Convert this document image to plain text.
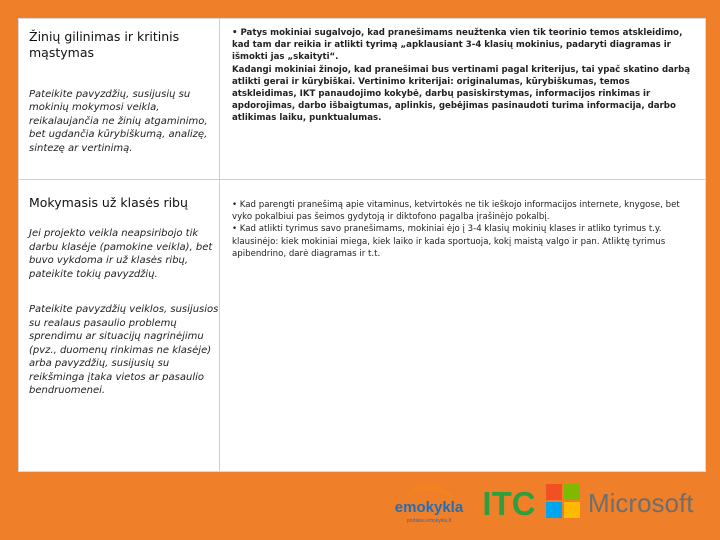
Žinių gilinimas ir kritinis mąstymas

Pateikite pavyzdžių, susijusių su mokinių mokymosi veikla, reikalaujančia ne žinių atgaminimo, bet ugdančia kūrybiškumą, analizę, sintezę ar vertinimą.

• Patys mokiniai sugalvojo, kad pranešimams neužtenka vien tik teorinio temos atskleidimo, kad tam dar reikia ir atlikti tyrimą „apklausiant 3-4 klasių mokinius, padaryti diagramas ir išmokti jas „skaityti“.
Kadangi mokiniai žinojo, kad pranešimai bus vertinami pagal kriterijus, tai ypač skatino darbą atlikti gerai ir kūrybiškai. Vertinimo kriterijai: originalumas, kūrybiškumas, temos atskleidimas, IKT panaudojimo kokybė, darbų pasiskirstymas, informacijos rinkimas ir apdorojimas, darbo išbaigtumas, aplinkis, gebėjimas pasinaudoti turima informacija, darbo atlikimas laiku, punktualumas.

Mokymasis už klasės ribų

Jei projekto veikla neapsiribojo tik darbu klasėje (pamokine veikla), bet buvo vykdoma ir už klasės ribų, pateikite tokių pavyzdžių.

Pateikite pavyzdžių veiklos, susijusios su realaus pasaulio problemų sprendimu ar situacijų nagrinėjimu (pvz., duomenų rinkimas ne klasėje) arba pavyzdžių, susijusių su reikšminga įtaka vietos ar pasaulio bendruomenei.

• Kad parengti pranešimą apie vitaminus, ketvirtokės ne tik ieškojo informacijos internete, knygose, bet vyko pokalbiui pas šeimos gydytoją ir diktofono pagalba įrašinėjo pokalbį.
• Kad atlikti tyrimus savo pranešimams, mokiniai ėjo į 3-4 klasių mokinių klases ir atliko tyrimus t.y. klausinėjo: kiek mokiniai miega, kiek laiko ir kada sportuoja, kokį maistą valgo ir pan. Atliktę tyrimus apibendrino, darė diagramas ir t.t.
emokykla
portalas.emokykla.lt ITC Microsoft
